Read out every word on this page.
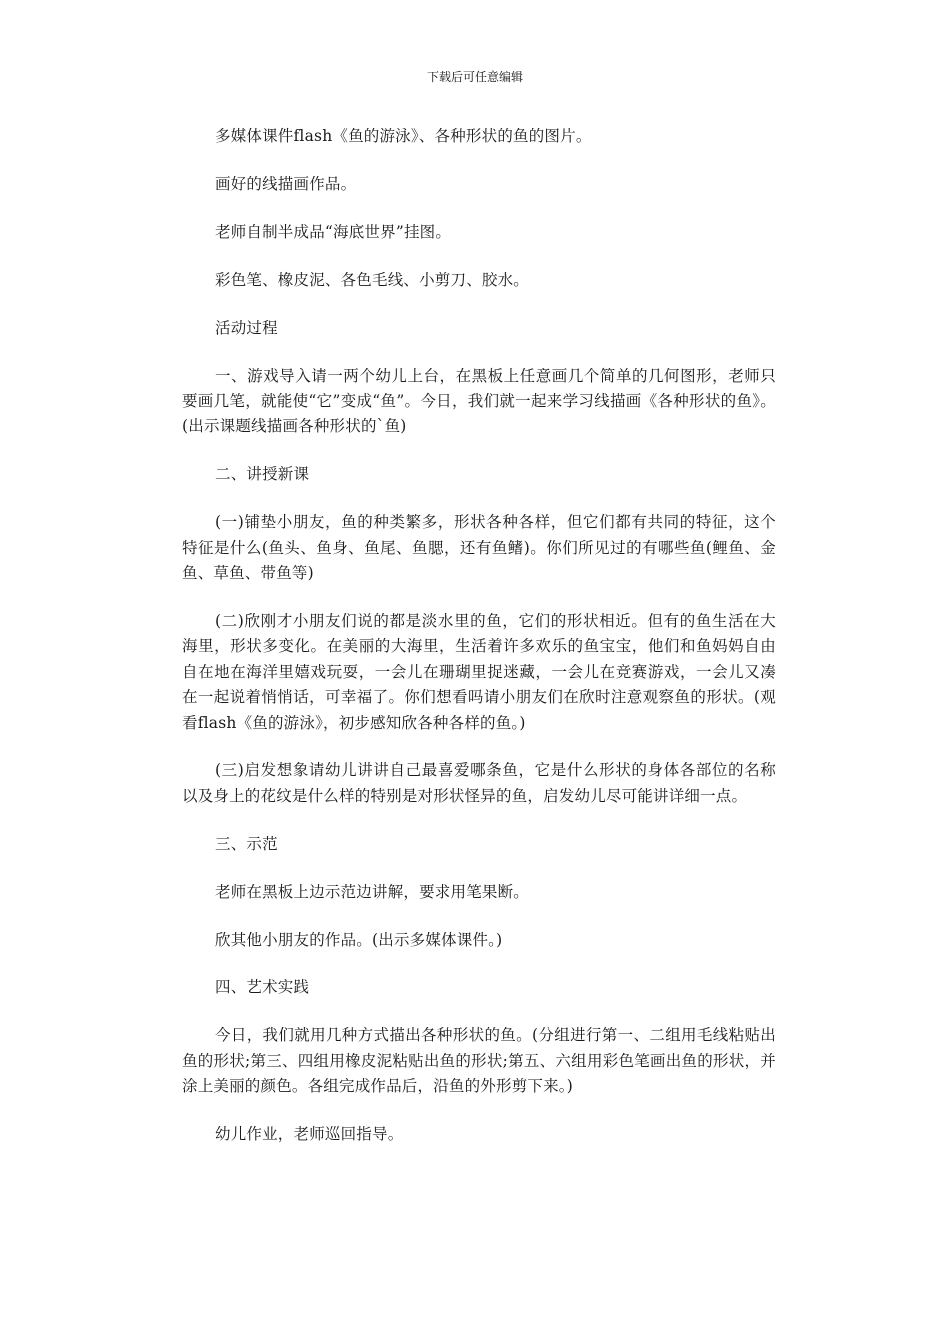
下载后可任意编辑

多媒体课件flash《鱼的游泳》、各种形状的鱼的图片。

画好的线描画作品。

老师自制半成品“海底世界”挂图。

彩色笔、橡皮泥、各色毛线、小剪刀、胶水。

活动过程

一、游戏导入请一两个幼儿上台，在黑板上任意画几个简单的几何图形，老师只要画几笔，就能使“它”变成“鱼”。今日，我们就一起来学习线描画《各种形状的鱼》。(出示课题线描画各种形状的`鱼)

二、讲授新课

(一)铺垫小朋友，鱼的种类繁多，形状各种各样，但它们都有共同的特征，这个特征是什么(鱼头、鱼身、鱼尾、鱼腮，还有鱼鳍)。你们所见过的有哪些鱼(鲤鱼、金鱼、草鱼、带鱼等)

(二)欣刚才小朋友们说的都是淡水里的鱼，它们的形状相近。但有的鱼生活在大海里，形状多变化。在美丽的大海里，生活着许多欢乐的鱼宝宝，他们和鱼妈妈自由自在地在海洋里嬉戏玩耍，一会儿在珊瑚里捉迷藏，一会儿在竞赛游戏，一会儿又凑在一起说着悄悄话，可幸福了。你们想看吗请小朋友们在欣时注意观察鱼的形状。(观看flash《鱼的游泳》，初步感知欣各种各样的鱼。)

(三)启发想象请幼儿讲讲自己最喜爱哪条鱼，它是什么形状的身体各部位的名称以及身上的花纹是什么样的特别是对形状怪异的鱼，启发幼儿尽可能讲详细一点。

三、示范

老师在黑板上边示范边讲解，要求用笔果断。

欣其他小朋友的作品。(出示多媒体课件。)

四、艺术实践

今日，我们就用几种方式描出各种形状的鱼。(分组进行第一、二组用毛线粘贴出鱼的形状;第三、四组用橡皮泥粘贴出鱼的形状;第五、六组用彩色笔画出鱼的形状，并涂上美丽的颜色。各组完成作品后，沿鱼的外形剪下来。)

幼儿作业，老师巡回指导。
